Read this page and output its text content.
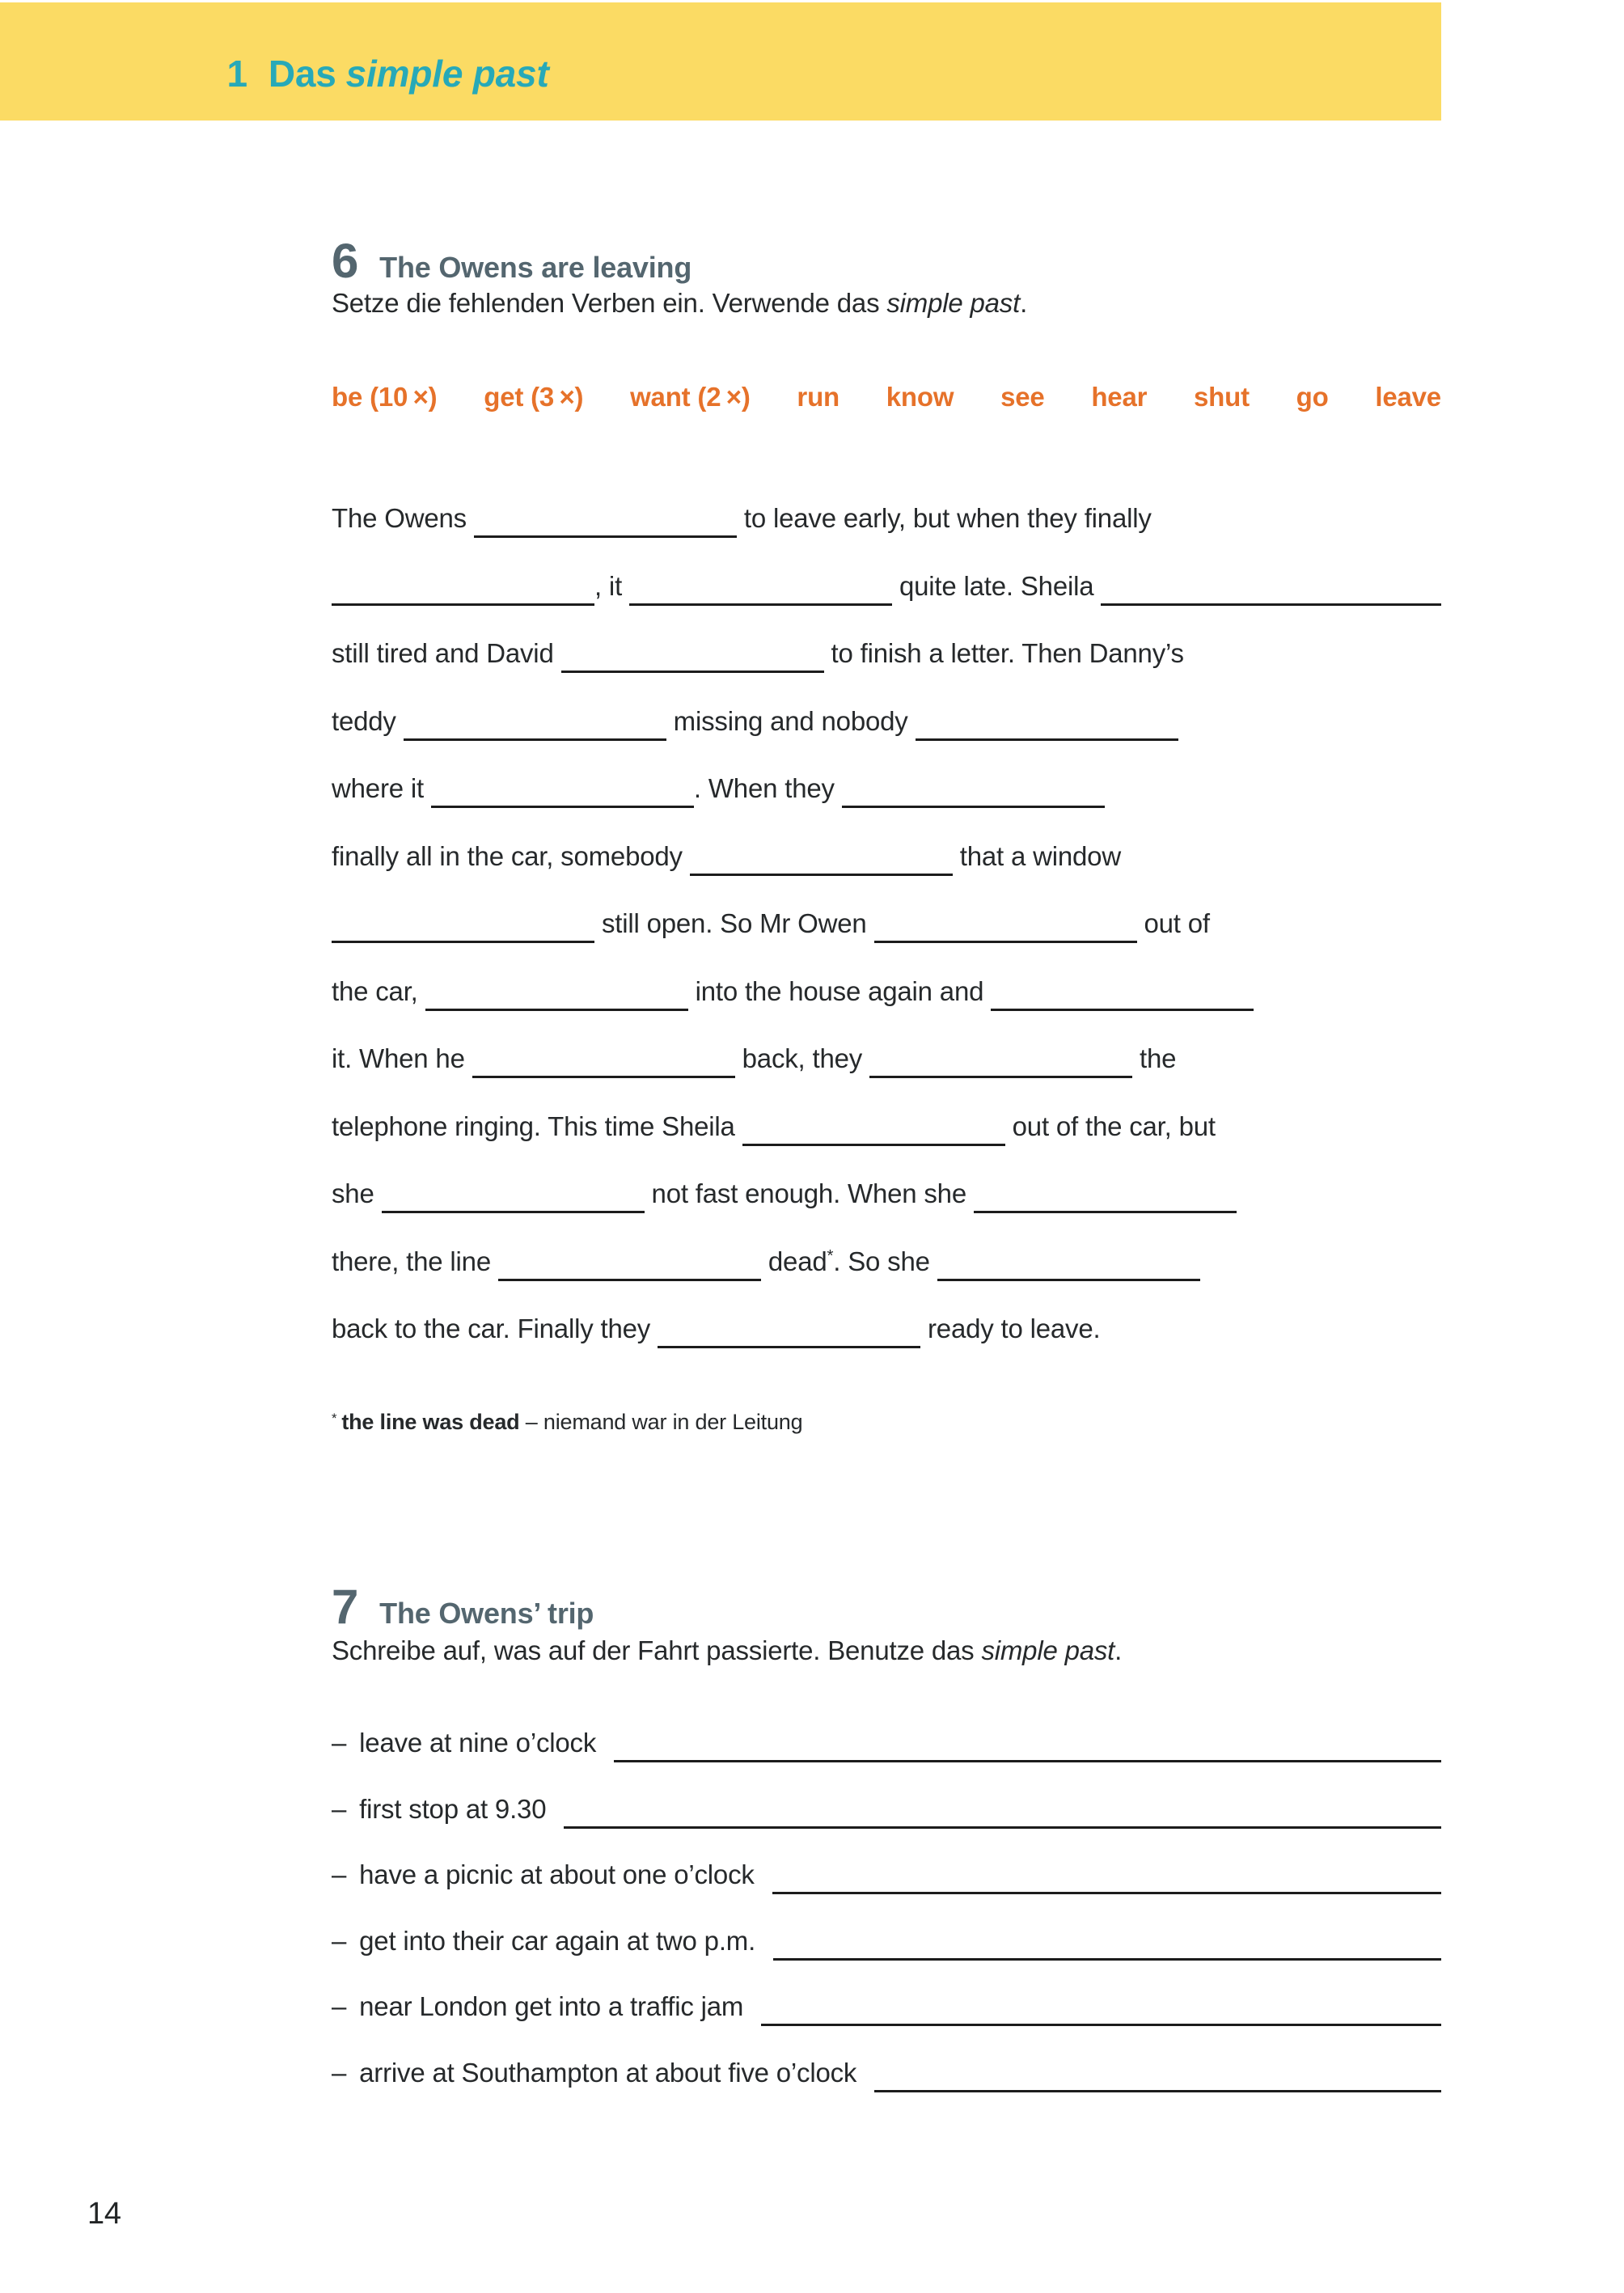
1 Das simple past

6 The Owens are leaving

Setze die fehlenden Verben ein. Verwende das simple past.

be (10 ×) get (3 ×) want (2 ×) run know see hear shut go leave
The Owens	to leave early, but when they finally
, it	quite late. Sheila
still tired and David	to finish a letter. Then Danny’s
teddy	missing and nobody
where it	. When they
finally all in the car, somebody	that a window
still open. So Mr Owen	out of
the car,	into the house again and
it. When he	back, they	the
telephone ringing. This time Sheila	out of the car, but
she	not fast enough. When she
there, the line	dead * . So she
back to the car. Finally they	ready to leave.

* the line was dead – niemand war in der Leitung

7 The Owens’ trip

Schreibe auf, was auf der Fahrt passierte. Benutze das simple past.

– leave at nine o’clock
– first stop at 9.30
– have a picnic at about one o’clock
– get into their car again at two p.m.
– near London get into a traffic jam
– arrive at Southampton at about five o’clock
14
